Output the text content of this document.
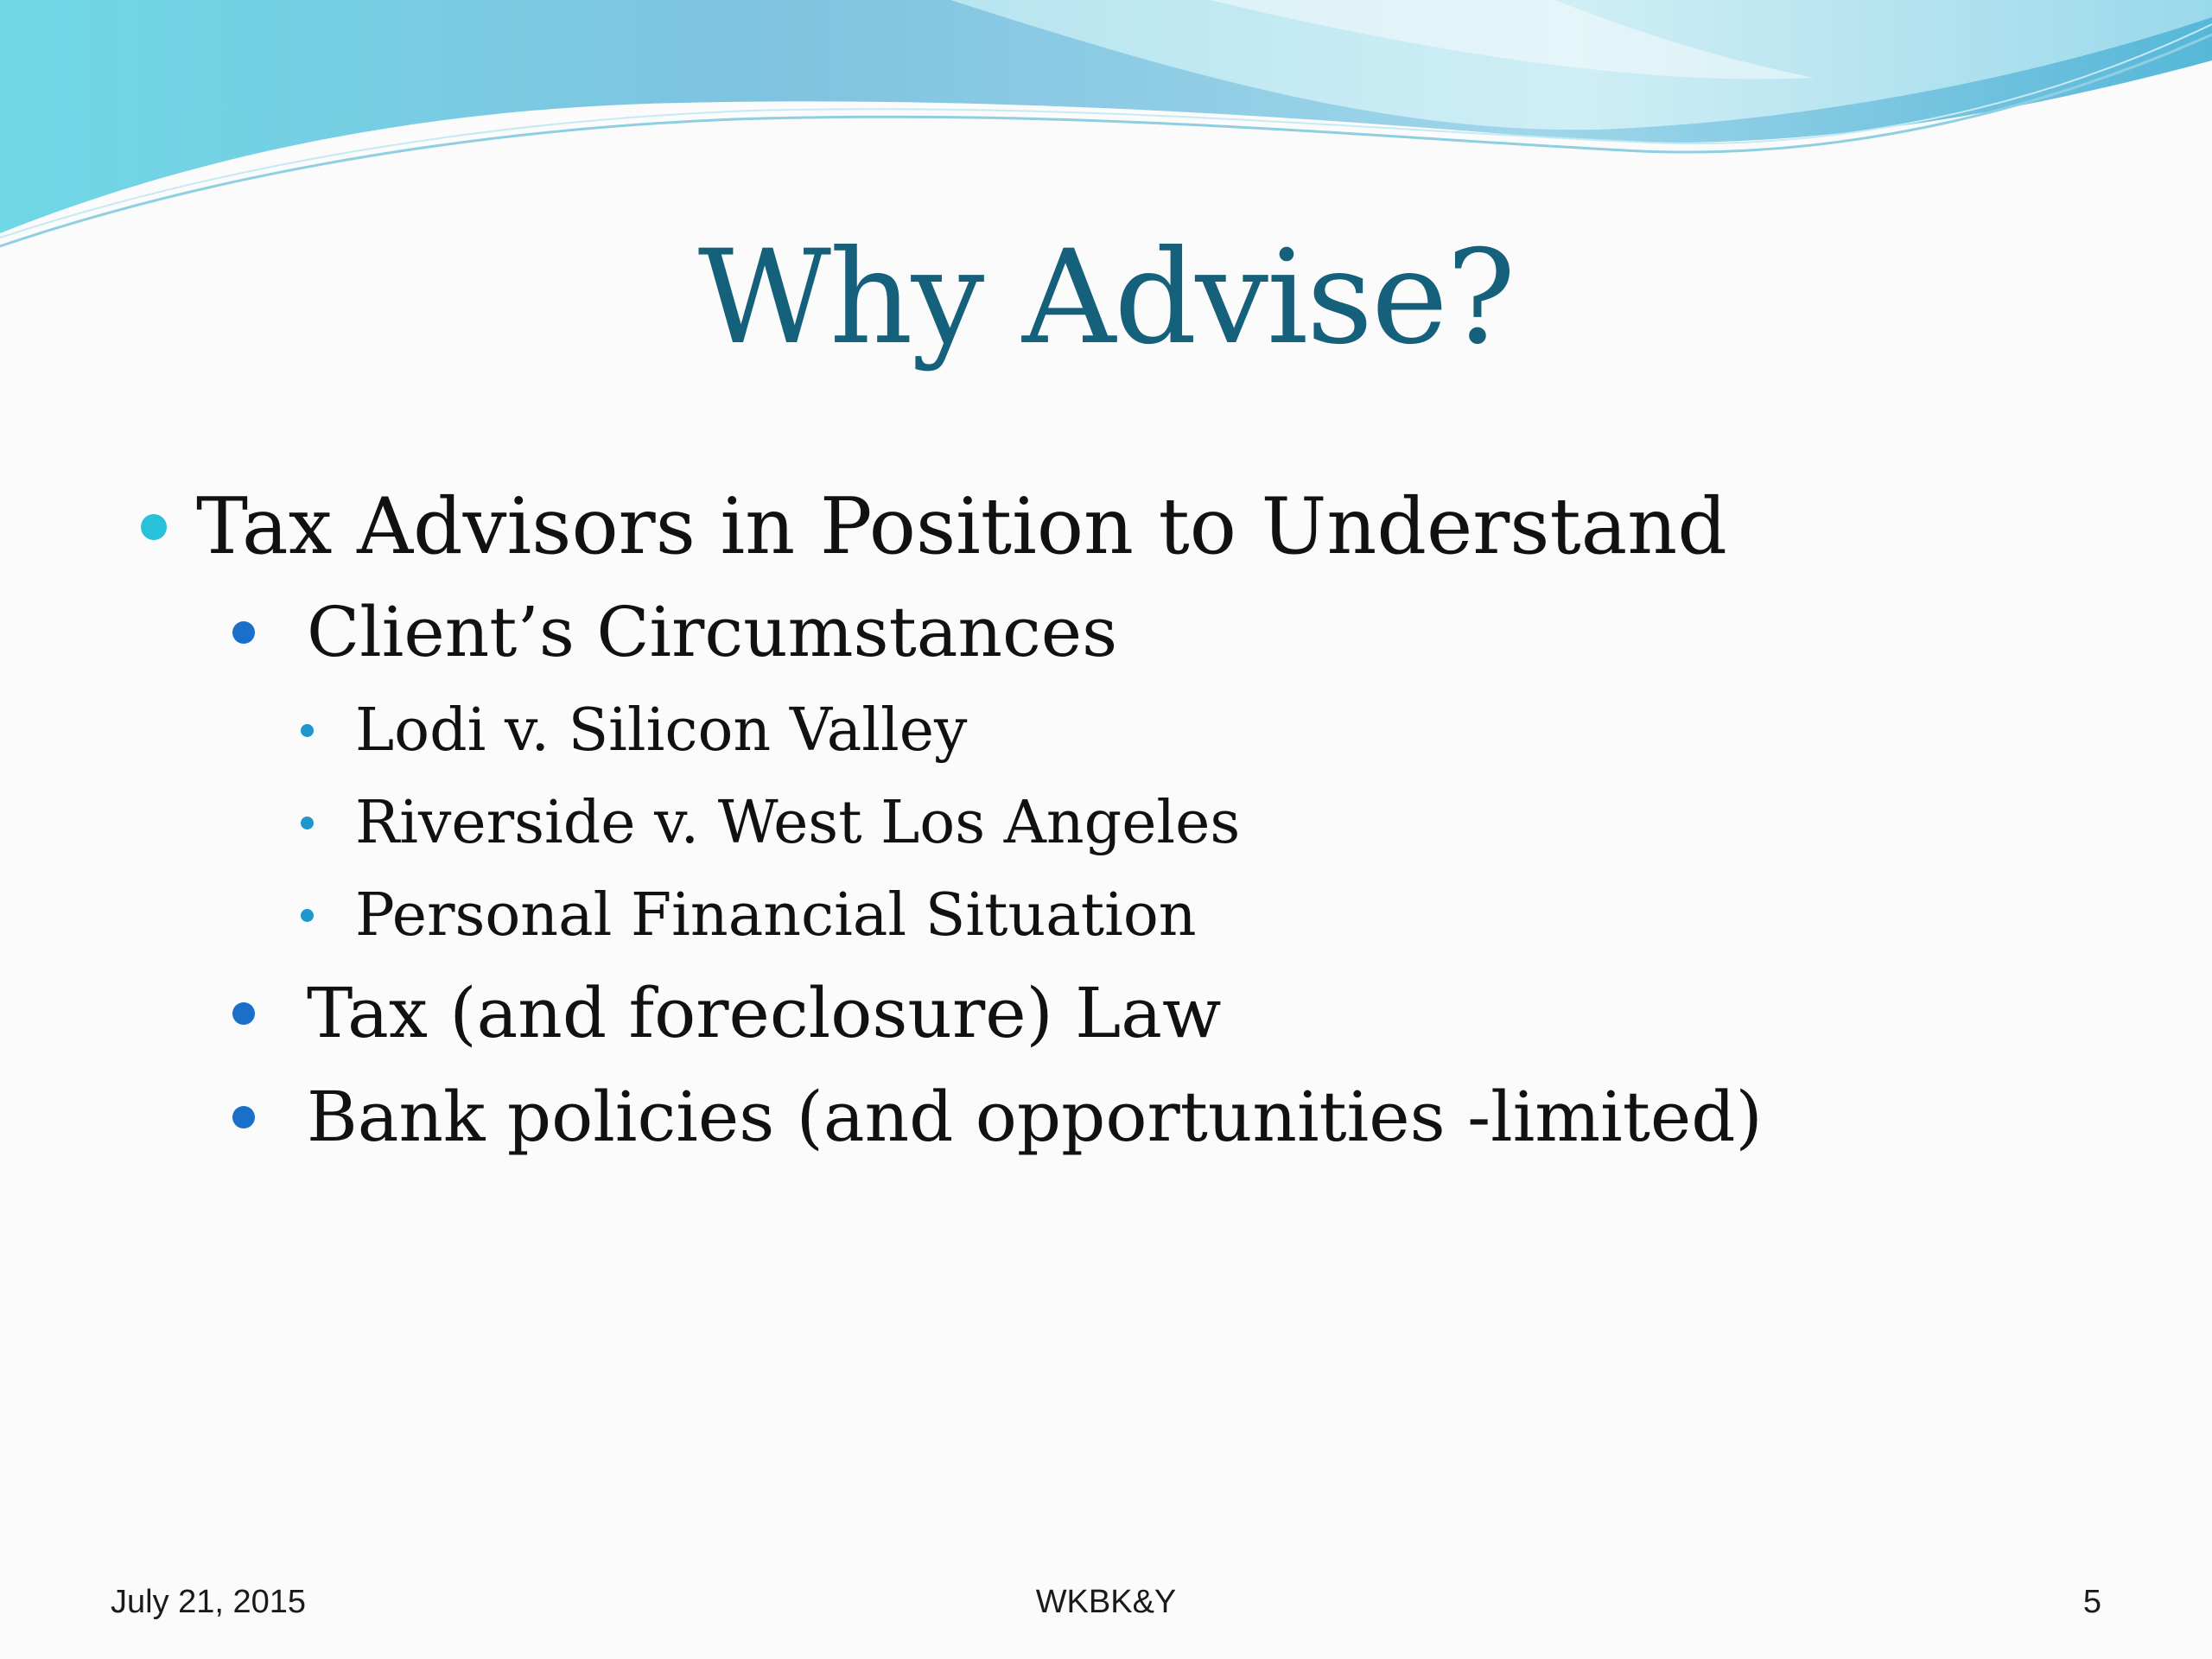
Why Advise?
Tax Advisors in Position to Understand
Client’s Circumstances
Lodi v. Silicon Valley
Riverside v. West Los Angeles
Personal Financial Situation
Tax (and foreclosure) Law
Bank policies (and opportunities -limited)
July 21, 2015	WKBK&Y	5
